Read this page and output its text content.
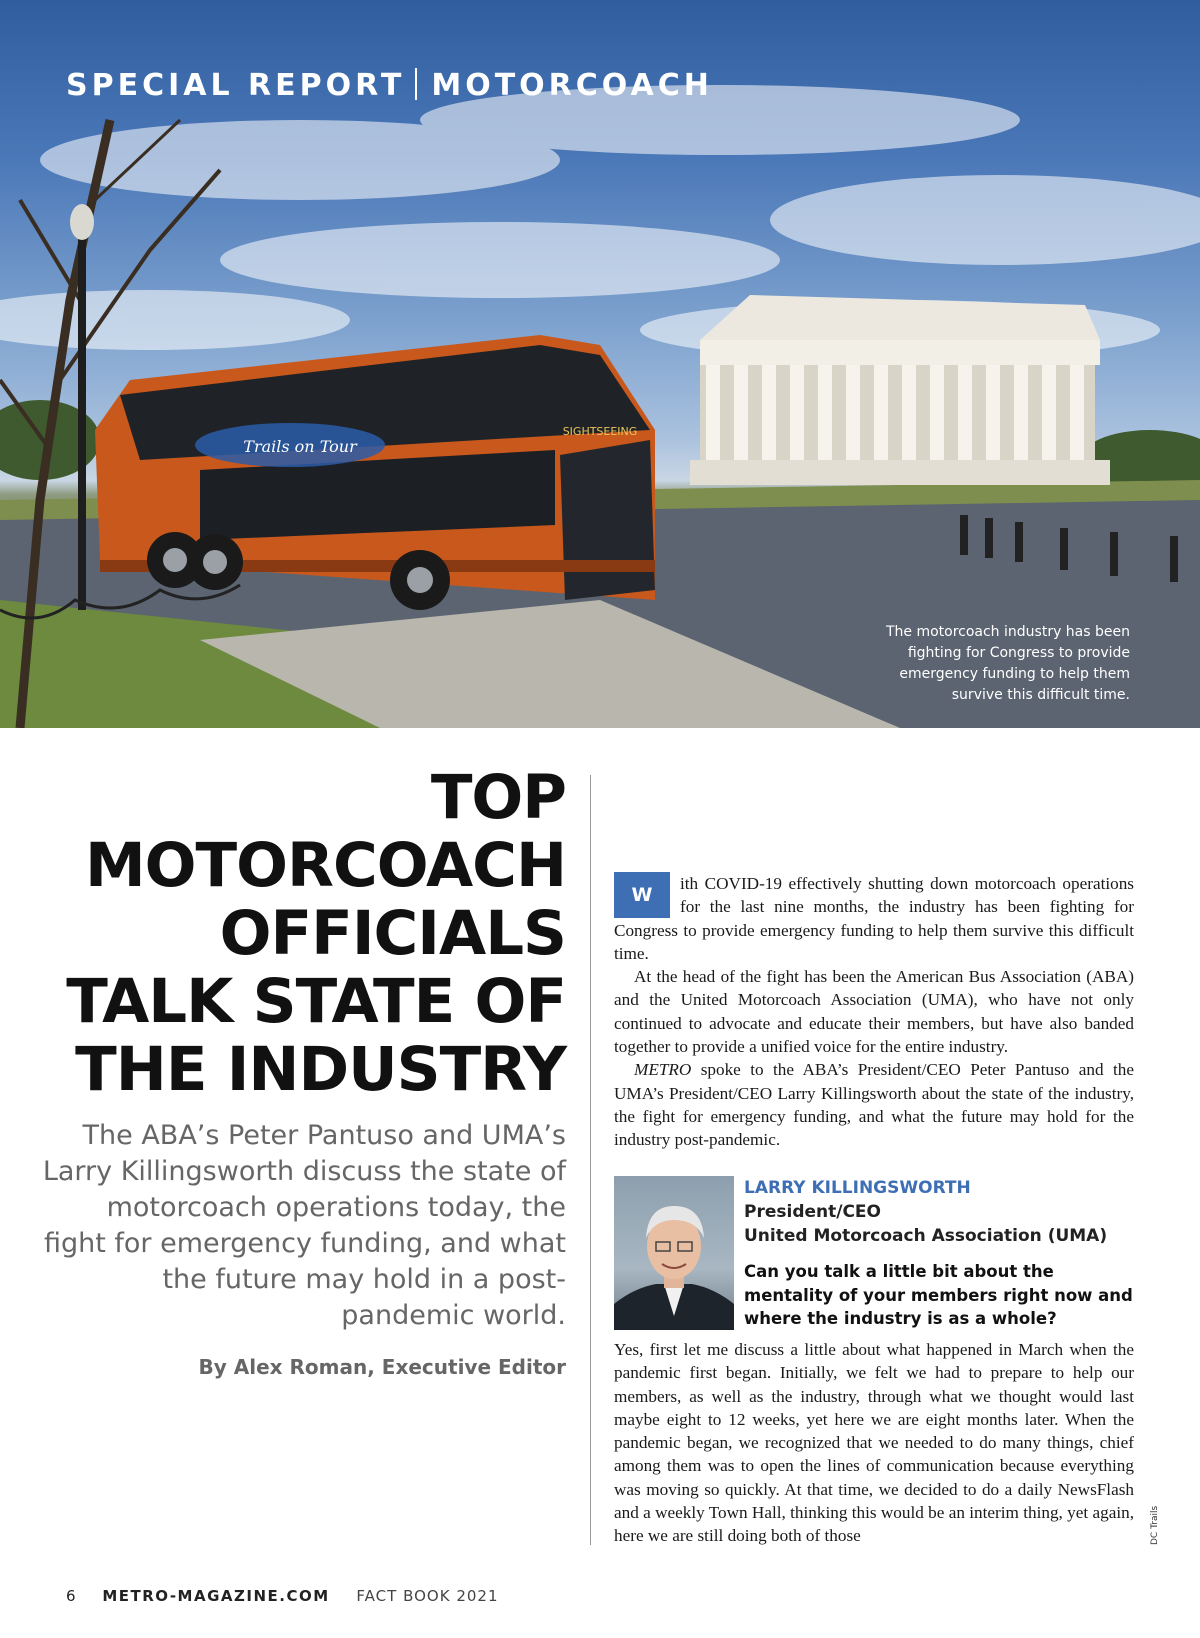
Trails on Tour
SIGHTSEEING
SPECIAL REPORT MOTORCOACH
The motorcoach industry has been fighting for Congress to provide emergency funding to help them survive this difficult time.
TOP
MOTORCOACH
OFFICIALS
TALK STATE OF
THE INDUSTRY

The ABA’s Peter Pantuso and UMA’s Larry Killingsworth discuss the state of motorcoach operations today, the fight for emergency funding, and what the future may hold in a post-pandemic world.

By Alex Roman, Executive Editor

W
ith COVID-19 effectively shutting down motorcoach operations for the last nine months, the industry has been fighting for Congress to provide emergency funding to help them survive this difficult time.

At the head of the fight has been the American Bus Association (ABA) and the United Motorcoach Association (UMA), who have not only continued to advocate and educate their members, but have also banded together to provide a unified voice for the entire industry.

METRO spoke to the ABA’s President/CEO Peter Pantuso and the UMA’s President/CEO Larry Killingsworth about the state of the industry, the fight for emergency funding, and what the future may hold for the industry post-pandemic.

LARRY KILLINGSWORTH
President/CEO
United Motorcoach Association (UMA)
Can you talk a little bit about the mentality of your members right now and where the industry is as a whole?

Yes, first let me discuss a little about what happened in March when the pandemic first began. Initially, we felt we had to prepare to help our members, as well as the industry, through what we thought would last maybe eight to 12 weeks, yet here we are eight months later. When the pandemic began, we recognized that we needed to do many things, chief among them was to open the lines of communication because everything was moving so quickly. At that time, we decided to do a daily NewsFlash and a weekly Town Hall, thinking this would be an interim thing, yet again, here we are still doing both of those	DC Trails
6 METRO-MAGAZINE.COM FACT BOOK 2021
